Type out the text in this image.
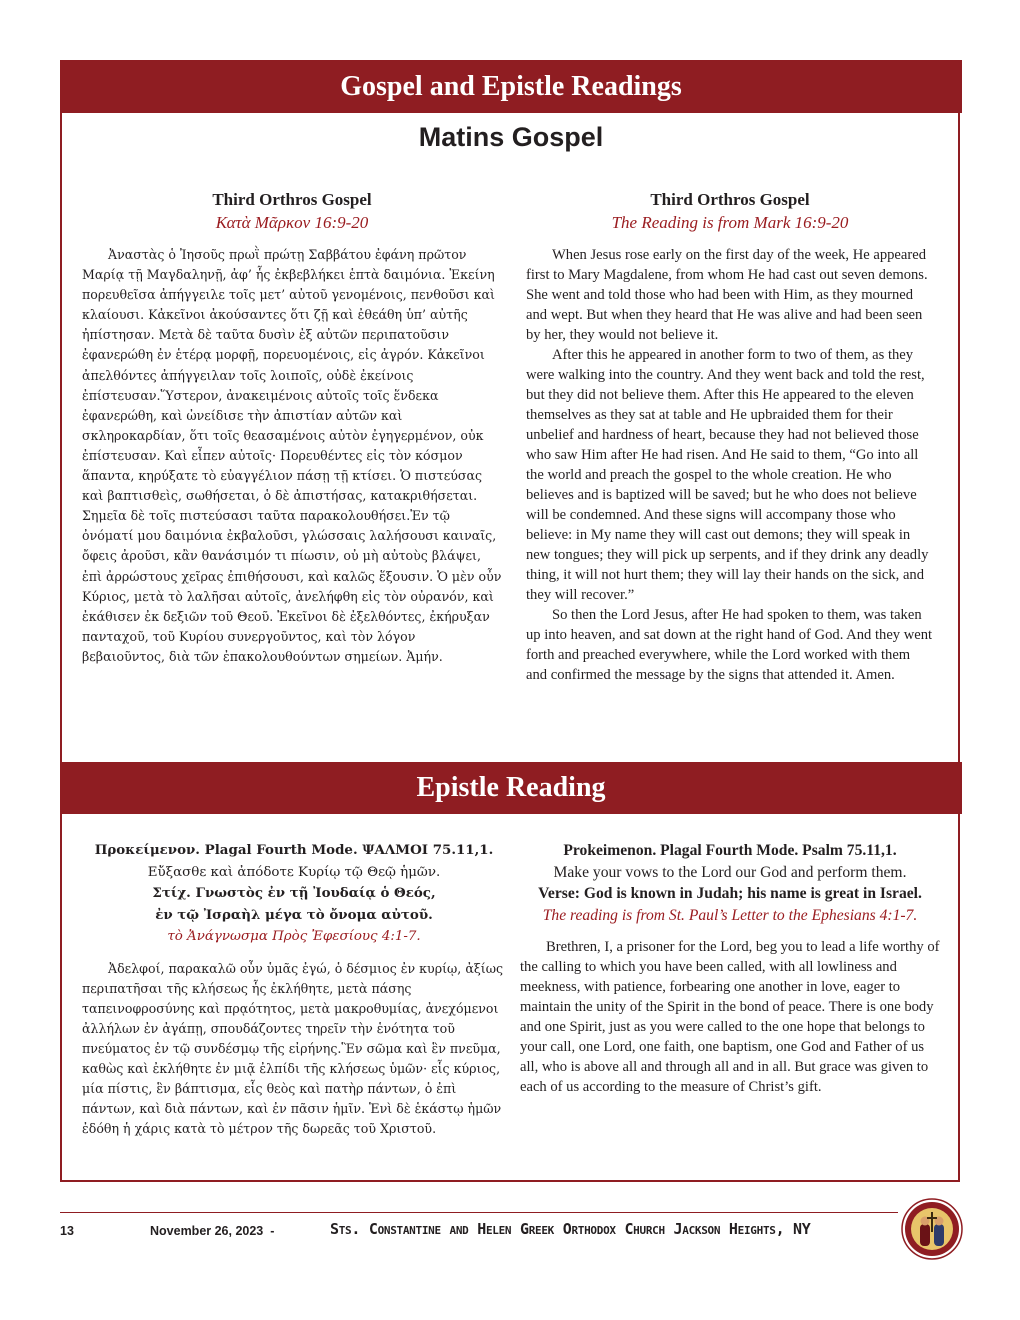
Gospel and Epistle Readings
Matins Gospel
Third Orthros Gospel
Κατὰ Μᾶρκον 16:9-20

Ἀναστὰς ὁ Ἰησοῦς πρωῒ πρώτῃ Σαββάτου ἐφάνη πρῶτον Μαρίᾳ τῇ Μαγδαληνῇ, ἀφ’ ἧς ἐκβεβλήκει ἑπτὰ δαιμόνια. Ἐκείνη πορευθεῖσα ἀπήγγειλε τοῖς μετ’ αὐτοῦ γενομένοις, πενθοῦσι καὶ κλαίουσι. Κἀκεῖνοι ἀκούσαντες ὅτι ζῇ καὶ ἐθεάθη ὑπ’ αὐτῆς ἠπίστησαν. Μετὰ δὲ ταῦτα δυσὶν ἐξ αὐτῶν περιπατοῦσιν ἐφανερώθη ἐν ἑτέρᾳ μορφῇ, πορευομένοις, εἰς ἀγρόν. Κἀκεῖνοι ἀπελθόντες ἀπήγγειλαν τοῖς λοιποῖς, οὐδὲ ἐκείνοις ἐπίστευσαν.Ὕστερον, ἀνακειμένοις αὐτοῖς τοῖς ἕνδεκα ἐφανερώθη, καὶ ὠνείδισε τὴν ἀπιστίαν αὐτῶν καὶ σκληροκαρδίαν, ὅτι τοῖς θεασαμένοις αὐτὸν ἐγηγερμένον, οὐκ ἐπίστευσαν. Καὶ εἶπεν αὐτοῖς· Πορευθέντες εἰς τὸν κόσμον ἅπαντα, κηρύξατε τὸ εὐαγγέλιον πάσῃ τῇ κτίσει. Ὁ πιστεύσας καὶ βαπτισθεὶς, σωθήσεται, ὁ δὲ ἀπιστήσας, κατακριθήσεται. Σημεῖα δὲ τοῖς πιστεύσασι ταῦτα παρακολουθήσει.Ἐν τῷ ὀνόματί μου δαιμόνια ἐκβαλοῦσι, γλώσσαις λαλήσουσι καιναῖς, ὄφεις ἀροῦσι, κἂν θανάσιμόν τι πίωσιν, οὐ μὴ αὐτοὺς βλάψει, ἐπὶ ἀρρώστους χεῖρας ἐπιθήσουσι, καὶ καλῶς ἕξουσιν. Ὁ μὲν οὖν Κύριος, μετὰ τὸ λαλῆσαι αὐτοῖς, ἀνελήφθη εἰς τὸν οὐρανόν, καὶ ἐκάθισεν ἐκ δεξιῶν τοῦ Θεοῦ. Ἐκεῖνοι δὲ ἐξελθόντες, ἐκήρυξαν πανταχοῦ, τοῦ Κυρίου συνεργοῦντος, καὶ τὸν λόγον βεβαιοῦντος, διὰ τῶν ἐπακολουθούντων σημείων. Ἀμήν.

Third Orthros Gospel
The Reading is from Mark 16:9-20

When Jesus rose early on the first day of the week, He appeared first to Mary Magdalene, from whom He had cast out seven demons. She went and told those who had been with Him, as they mourned and wept. But when they heard that He was alive and had been seen by her, they would not believe it.

After this he appeared in another form to two of them, as they were walking into the country. And they went back and told the rest, but they did not believe them. After this He appeared to the eleven themselves as they sat at table and He upbraided them for their unbelief and hardness of heart, because they had not believed those who saw Him after He had risen. And He said to them, “Go into all the world and preach the gospel to the whole creation. He who believes and is baptized will be saved; but he who does not believe will be condemned. And these signs will accompany those who believe: in My name they will cast out demons; they will speak in new tongues; they will pick up serpents, and if they drink any deadly thing, it will not hurt them; they will lay their hands on the sick, and they will recover.”

So then the Lord Jesus, after He had spoken to them, was taken up into heaven, and sat down at the right hand of God. And they went forth and preached everywhere, while the Lord worked with them and confirmed the message by the signs that attended it. Amen.

Epistle Reading
Προκείμενον. Plagal Fourth Mode. ΨΑΛΜΟΙ 75.11,1.
Εὔξασθε καὶ ἀπόδοτε Κυρίῳ τῷ Θεῷ ἡμῶν.
Στίχ. Γνωστὸς ἐν τῇ Ἰουδαίᾳ ὁ Θεός,
ἐν τῷ Ἰσραὴλ μέγα τὸ ὄνομα αὐτοῦ.
τὸ Ἀνάγνωσμα Πρὸς Ἐφεσίους 4:1-7.

Ἀδελφοί, παρακαλῶ οὖν ὑμᾶς ἐγώ, ὁ δέσμιος ἐν κυρίῳ, ἀξίως περιπατῆσαι τῆς κλήσεως ἧς ἐκλήθητε, μετὰ πάσης ταπεινοφροσύνης καὶ πρᾳότητος, μετὰ μακροθυμίας, ἀνεχόμενοι ἀλλήλων ἐν ἀγάπῃ, σπουδάζοντες τηρεῖν τὴν ἑνότητα τοῦ πνεύματος ἐν τῷ συνδέσμῳ τῆς εἰρήνης.Ἓν σῶμα καὶ ἓν πνεῦμα, καθὼς καὶ ἐκλήθητε ἐν μιᾷ ἐλπίδι τῆς κλήσεως ὑμῶν· εἷς κύριος, μία πίστις, ἓν βάπτισμα, εἷς θεὸς καὶ πατὴρ πάντων, ὁ ἐπὶ πάντων, καὶ διὰ πάντων, καὶ ἐν πᾶσιν ἡμῖν. Ἑνὶ δὲ ἑκάστῳ ἡμῶν ἐδόθη ἡ χάρις κατὰ τὸ μέτρον τῆς δωρεᾶς τοῦ Χριστοῦ.

Prokeimenon. Plagal Fourth Mode. Psalm 75.11,1.
Make your vows to the Lord our God and perform them.
Verse: God is known in Judah; his name is great in Israel.
The reading is from St. Paul’s Letter to the Ephesians 4:1-7.

Brethren, I, a prisoner for the Lord, beg you to lead a life worthy of the calling to which you have been called, with all lowliness and meekness, with patience, forbearing one another in love, eager to maintain the unity of the Spirit in the bond of peace. There is one body and one Spirit, just as you were called to the one hope that belongs to your call, one Lord, one faith, one baptism, one God and Father of us all, who is above all and through all and in all. But grace was given to each of us according to the measure of Christ’s gift.

13	November 26, 2023 -	Sts. Constantine and Helen Greek Orthodox Church Jackson Heights, NY
